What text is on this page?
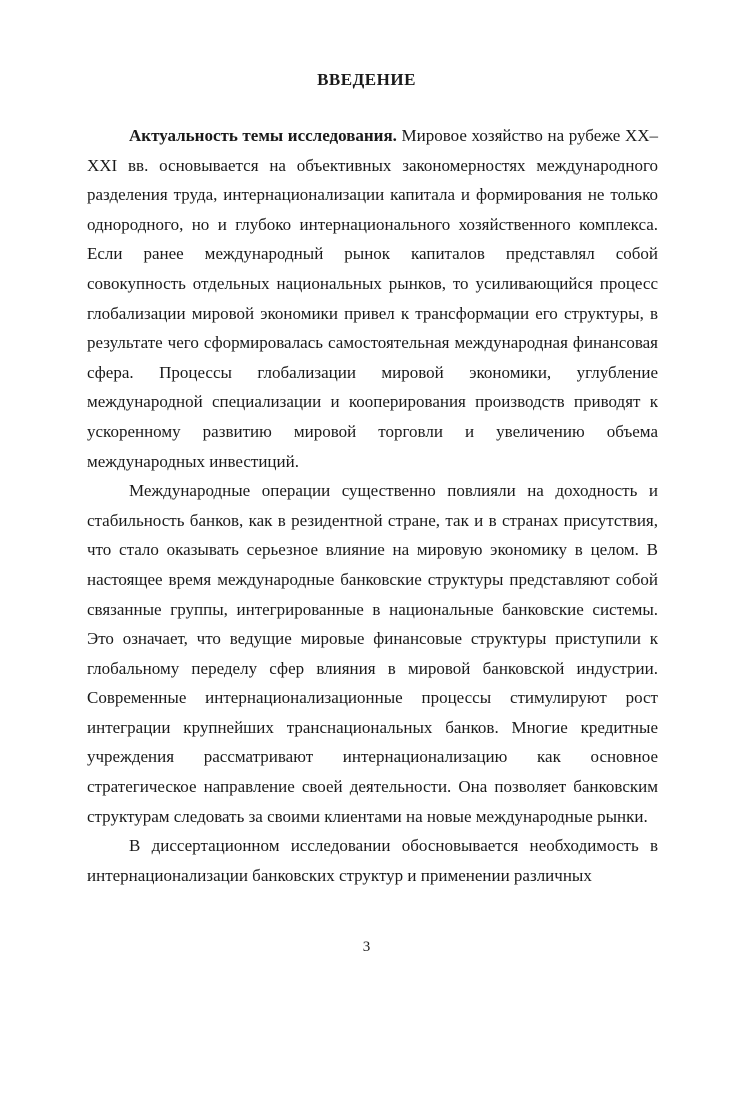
ВВЕДЕНИЕ

Актуальность темы исследования. Мировое хозяйство на рубеже XX–XXI вв. основывается на объективных закономерностях международного разделения труда, интернационализации капитала и формирования не только однородного, но и глубоко интернационального хозяйственного комплекса. Если ранее международный рынок капиталов представлял собой совокупность отдельных национальных рынков, то усиливающийся процесс глобализации мировой экономики привел к трансформации его структуры, в результате чего сформировалась самостоятельная международная финансовая сфера. Процессы глобализации мировой экономики, углубление международной специализации и кооперирования производств приводят к ускоренному развитию мировой торговли и увеличению объема международных инвестиций.

Международные операции существенно повлияли на доходность и стабильность банков, как в резидентной стране, так и в странах присутствия, что стало оказывать серьезное влияние на мировую экономику в целом. В настоящее время международные банковские структуры представляют собой связанные группы, интегрированные в национальные банковские системы. Это означает, что ведущие мировые финансовые структуры приступили к глобальному переделу сфер влияния в мировой банковской индустрии. Современные интернационализационные процессы стимулируют рост интеграции крупнейших транснациональных банков. Многие кредитные учреждения рассматривают интернационализацию как основное стратегическое направление своей деятельности. Она позволяет банковским структурам следовать за своими клиентами на новые международные рынки.

В диссертационном исследовании обосновывается необходимость в интернационализации банковских структур и применении различных

3
